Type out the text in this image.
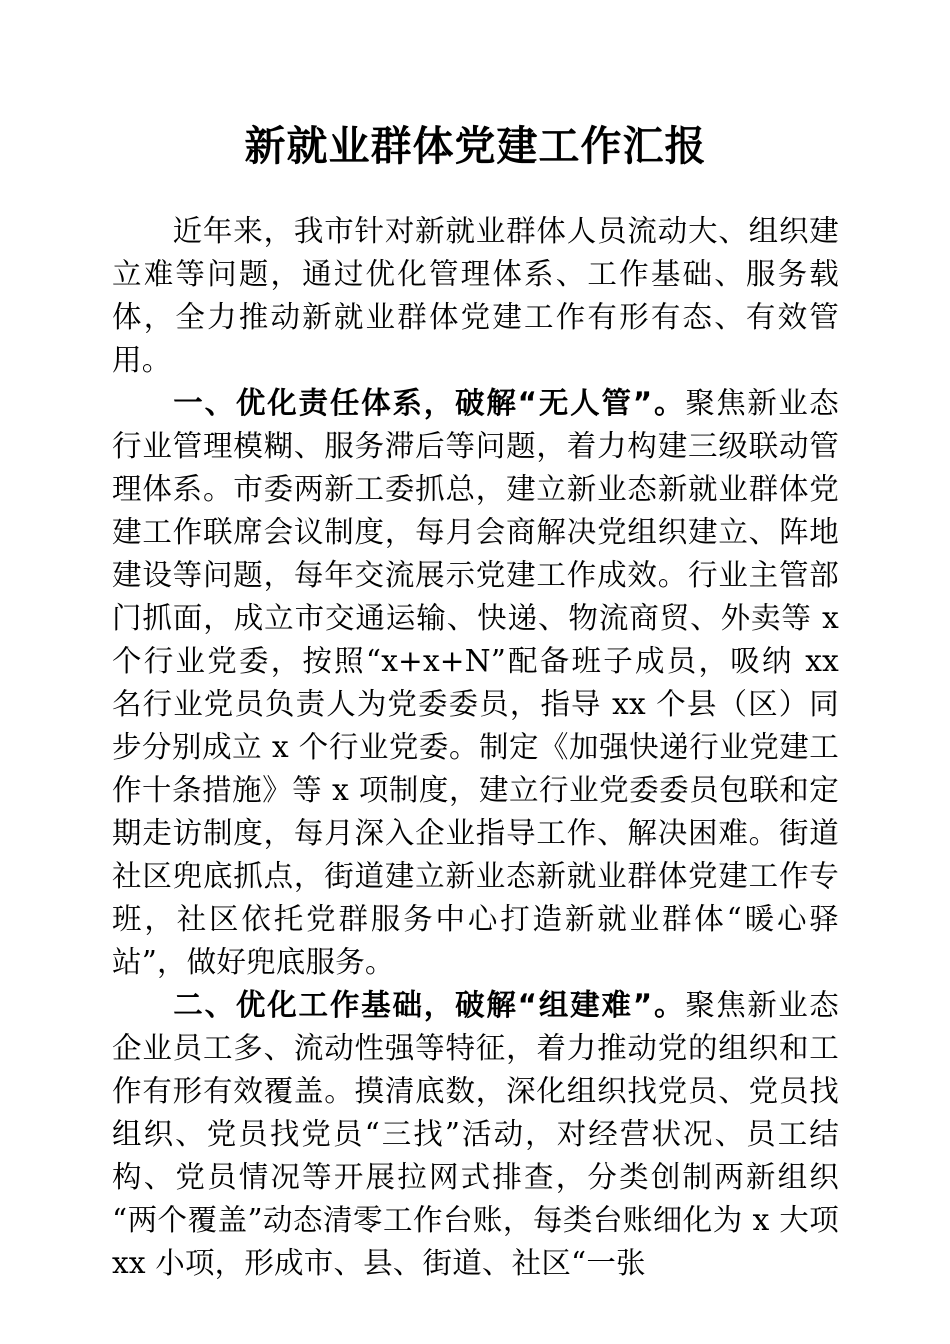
新就业群体党建工作汇报

近年来，我市针对新就业群体人员流动大、组织建立难等问题，通过优化管理体系、工作基础、服务载体，全力推动新就业群体党建工作有形有态、有效管用。

一、优化责任体系，破解“无人管”。聚焦新业态行业管理模糊、服务滞后等问题，着力构建三级联动管理体系。市委两新工委抓总，建立新业态新就业群体党建工作联席会议制度，每月会商解决党组织建立、阵地建设等问题，每年交流展示党建工作成效。行业主管部门抓面，成立市交通运输、快递、物流商贸、外卖等 x 个行业党委，按照“x+x+N”配备班子成员，吸纳 xx 名行业党员负责人为党委委员，指导 xx 个县（区）同步分别成立 x 个行业党委。制定《加强快递行业党建工作十条措施》等 x 项制度，建立行业党委委员包联和定期走访制度，每月深入企业指导工作、解决困难。街道社区兜底抓点，街道建立新业态新就业群体党建工作专班，社区依托党群服务中心打造新就业群体“暖心驿站”，做好兜底服务。

二、优化工作基础，破解“组建难”。聚焦新业态企业员工多、流动性强等特征，着力推动党的组织和工作有形有效覆盖。摸清底数，深化组织找党员、党员找组织、党员找党员“三找”活动，对经营状况、员工结构、党员情况等开展拉网式排查，分类创制两新组织“两个覆盖”动态清零工作台账，每类台账细化为 x 大项 xx 小项，形成市、县、街道、社区“一张
